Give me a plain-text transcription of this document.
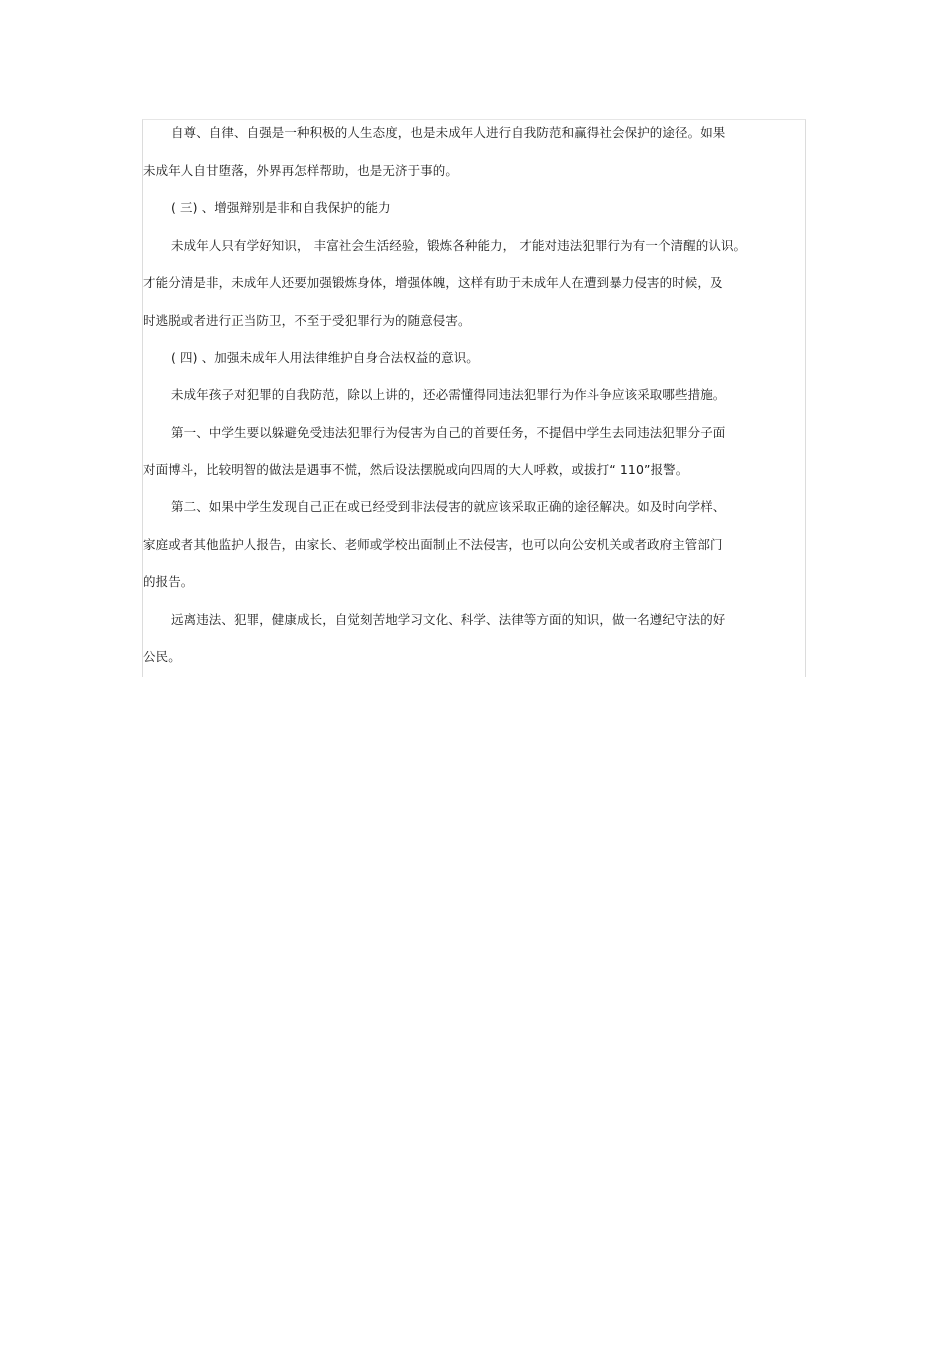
自尊、自律、自强是一种积极的人生态度，也是未成年人进行自我防范和赢得社会保护的途径。如果
未成年人自甘堕落，外界再怎样帮助，也是无济于事的。
( 三) 、增强辩别是非和自我保护的能力
未成年人只有学好知识， 丰富社会生活经验，锻炼各种能力， 才能对违法犯罪行为有一个清醒的认识。
才能分清是非，未成年人还要加强锻炼身体，增强体魄，这样有助于未成年人在遭到暴力侵害的时候，及
时逃脱或者进行正当防卫，不至于受犯罪行为的随意侵害。
( 四) 、加强未成年人用法律维护自身合法权益的意识。
未成年孩子对犯罪的自我防范，除以上讲的，还必需懂得同违法犯罪行为作斗争应该采取哪些措施。
第一、中学生要以躲避免受违法犯罪行为侵害为自己的首要任务，不提倡中学生去同违法犯罪分子面
对面博斗，比较明智的做法是遇事不慌，然后设法摆脱或向四周的大人呼救，或拔打“ 110”报警。
第二、如果中学生发现自己正在或已经受到非法侵害的就应该采取正确的途径解决。如及时向学样、
家庭或者其他监护人报告，由家长、老师或学校出面制止不法侵害，也可以向公安机关或者政府主管部门
的报告。
远离违法、犯罪，健康成长，自觉刻苦地学习文化、科学、法律等方面的知识，做一名遵纪守法的好
公民。
